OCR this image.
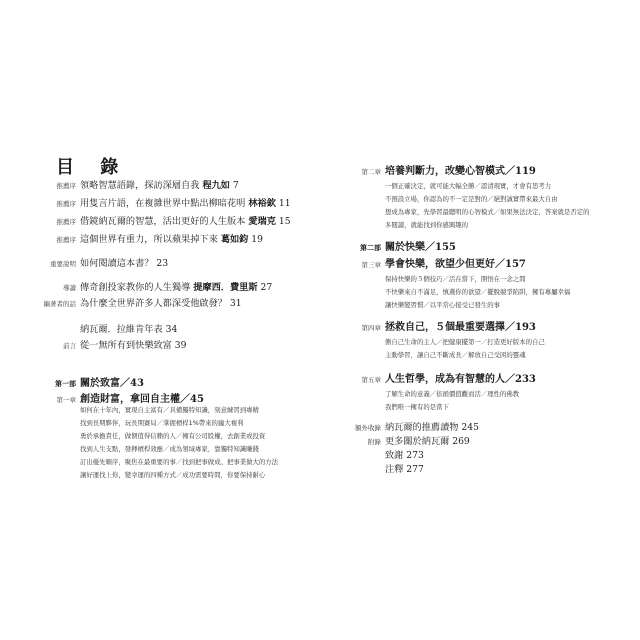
目 錄
推薦序 領略智慧語錄，探訪深層自我 程九如 7
推薦序 用隻言片語，在複雜世界中點出柳暗花明 林裕欽 11
推薦序 借鏡納瓦爾的智慧，活出更好的人生版本 愛瑞克 15
推薦序 這個世界有重力，所以蘋果掉下來 葛如鈞 19
重要說明 如何閱讀這本書？ 23
導讀 傳奇創投家教你的人生獨導 提摩西．費里斯 27
編著者的話 為什麼全世界許多人都深受他啟發？ 31
納瓦爾．拉維肯年表 34
前言 從一無所有到快樂致富 39
第一部 關於致富／43
第一章 創造財富，拿回自主權／45
如何在十年內，實現自主富有／具備獨特知識，刻意練習到專精
找到長期夥伴，玩長期賽局／掌握槓桿1%帶來的龐大複利
勇於承擔責任，做個值得信賴的人／擁有公司股權，去創業或投資
找到人生支點，發揮槓桿效應／成為領域專家，靠獨特知識賺錢
訂出優先順序，聚焦在最重要的事／找到把事做成、把事業做大的方法
讓好運找上你，變幸運的四種方式／成功需要時間，你要保持耐心
第二章 培養判斷力，改變心智模式／119
一個正確決定，就可能大幅全勝／認清現實，才會有思考力
不預設立場，你認為的不一定是對的／絕對誠實帶來最大自由
想成為專家，先學習最聰明的心智模式／如果無法決定，答案就是否定的
多閱讀，就能找到你感興趣的
第二部 關於快樂／155
第三章 學會快樂，欲望少但更好／157
保持快樂的５個技巧／活在當下，開悟在一念之間
不快樂來自不滿足，慎選你的欲望／擺脫競爭陷阱，擁有專屬幸福
讓快樂變習慣／以平常心接受已發生的事
第四章 拯救自己，５個最重要選擇／193
側自己生命的主人／把健康擺第一／打造更好版本的自己
主動學習，讓自己不斷成長／解放自己受困的靈魂
第五章 人生哲學，成為有智慧的人／233
了解生命的意義／依循價值觀而活／理性的佛教
我們唯一擁有的是當下
額外收錄 納瓦爾的推薦讀物 245
附錄 更多關於納瓦爾 269
致謝 273
注釋 277
